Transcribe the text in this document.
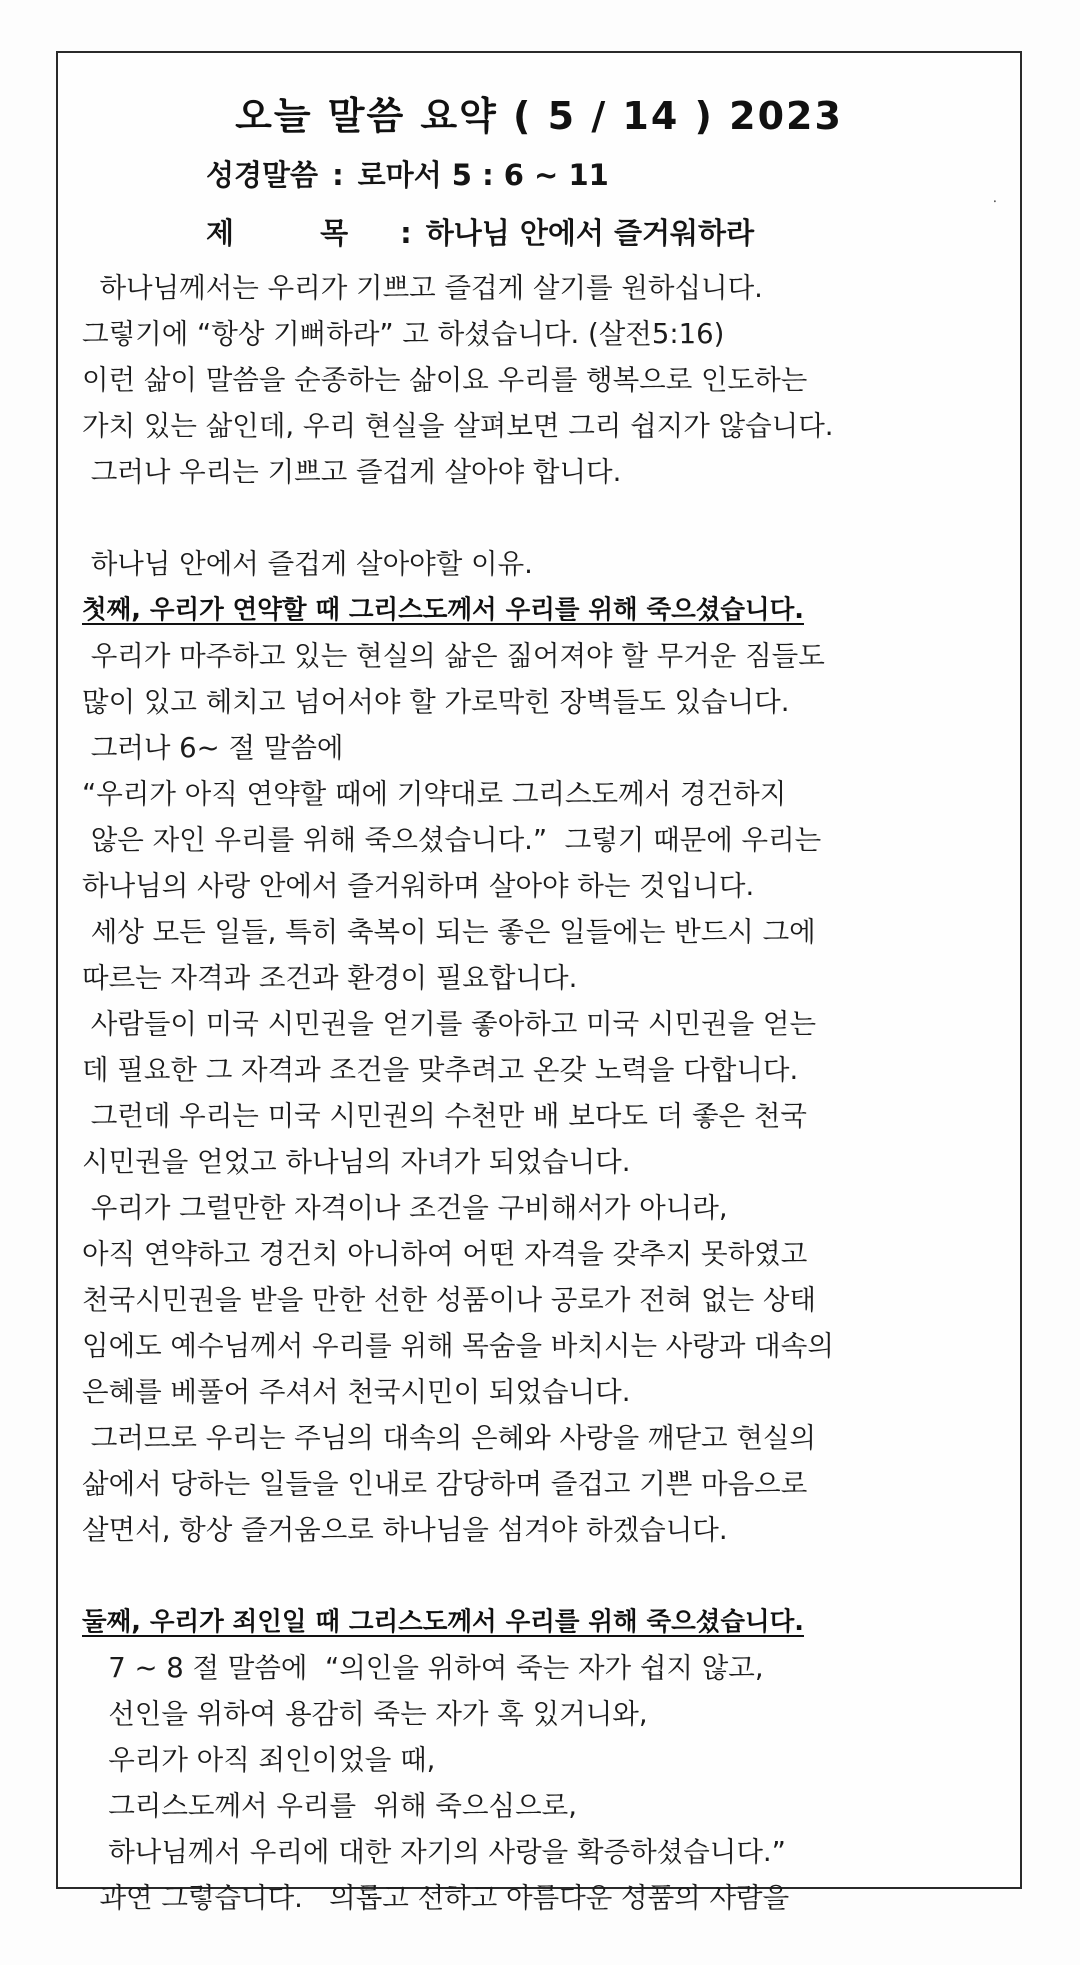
오늘 말씀 요약 ( 5 / 14 ) 2023
성경말씀 : 로마서 5 : 6 ~ 11
제 목 : 하나님 안에서 즐거워하라
하나님께서는 우리가 기쁘고 즐겁게 살기를 원하십니다.
그렇기에 “항상 기뻐하라” 고 하셨습니다. (살전5:16)
이런 삶이 말씀을 순종하는 삶이요 우리를 행복으로 인도하는
가치 있는 삶인데, 우리 현실을 살펴보면 그리 쉽지가 않습니다.
그러나 우리는 기쁘고 즐겁게 살아야 합니다.
하나님 안에서 즐겁게 살아야할 이유.
첫째, 우리가 연약할 때 그리스도께서 우리를 위해 죽으셨습니다.
우리가 마주하고 있는 현실의 삶은 짊어져야 할 무거운 짐들도
많이 있고 헤치고 넘어서야 할 가로막힌 장벽들도 있습니다.
그러나 6~ 절 말씀에
“우리가 아직 연약할 때에 기약대로 그리스도께서 경건하지
않은 자인 우리를 위해 죽으셨습니다.”  그렇기 때문에 우리는
하나님의 사랑 안에서 즐거워하며 살아야 하는 것입니다.
세상 모든 일들, 특히 축복이 되는 좋은 일들에는 반드시 그에
따르는 자격과 조건과 환경이 필요합니다.
사람들이 미국 시민권을 얻기를 좋아하고 미국 시민권을 얻는
데 필요한 그 자격과 조건을 맞추려고 온갖 노력을 다합니다.
그런데 우리는 미국 시민권의 수천만 배 보다도 더 좋은 천국
시민권을 얻었고 하나님의 자녀가 되었습니다.
우리가 그럴만한 자격이나 조건을 구비해서가 아니라,
아직 연약하고 경건치 아니하여 어떤 자격을 갖추지 못하였고
천국시민권을 받을 만한 선한 성품이나 공로가 전혀 없는 상태
임에도 예수님께서 우리를 위해 목숨을 바치시는 사랑과 대속의
은혜를 베풀어 주셔서 천국시민이 되었습니다.
그러므로 우리는 주님의 대속의 은혜와 사랑을 깨닫고 현실의
삶에서 당하는 일들을 인내로 감당하며 즐겁고 기쁜 마음으로
살면서, 항상 즐거움으로 하나님을 섬겨야 하겠습니다.
둘째, 우리가 죄인일 때 그리스도께서 우리를 위해 죽으셨습니다.
7 ~ 8 절 말씀에  “의인을 위하여 죽는 자가 쉽지 않고,
선인을 위하여 용감히 죽는 자가 혹 있거니와,
우리가 아직 죄인이었을 때,
그리스도께서 우리를  위해 죽으심으로,
하나님께서 우리에 대한 자기의 사랑을 확증하셨습니다.”
과연 그렇습니다.   의롭고 선하고 아름다운 성품의 사람을
⸱
